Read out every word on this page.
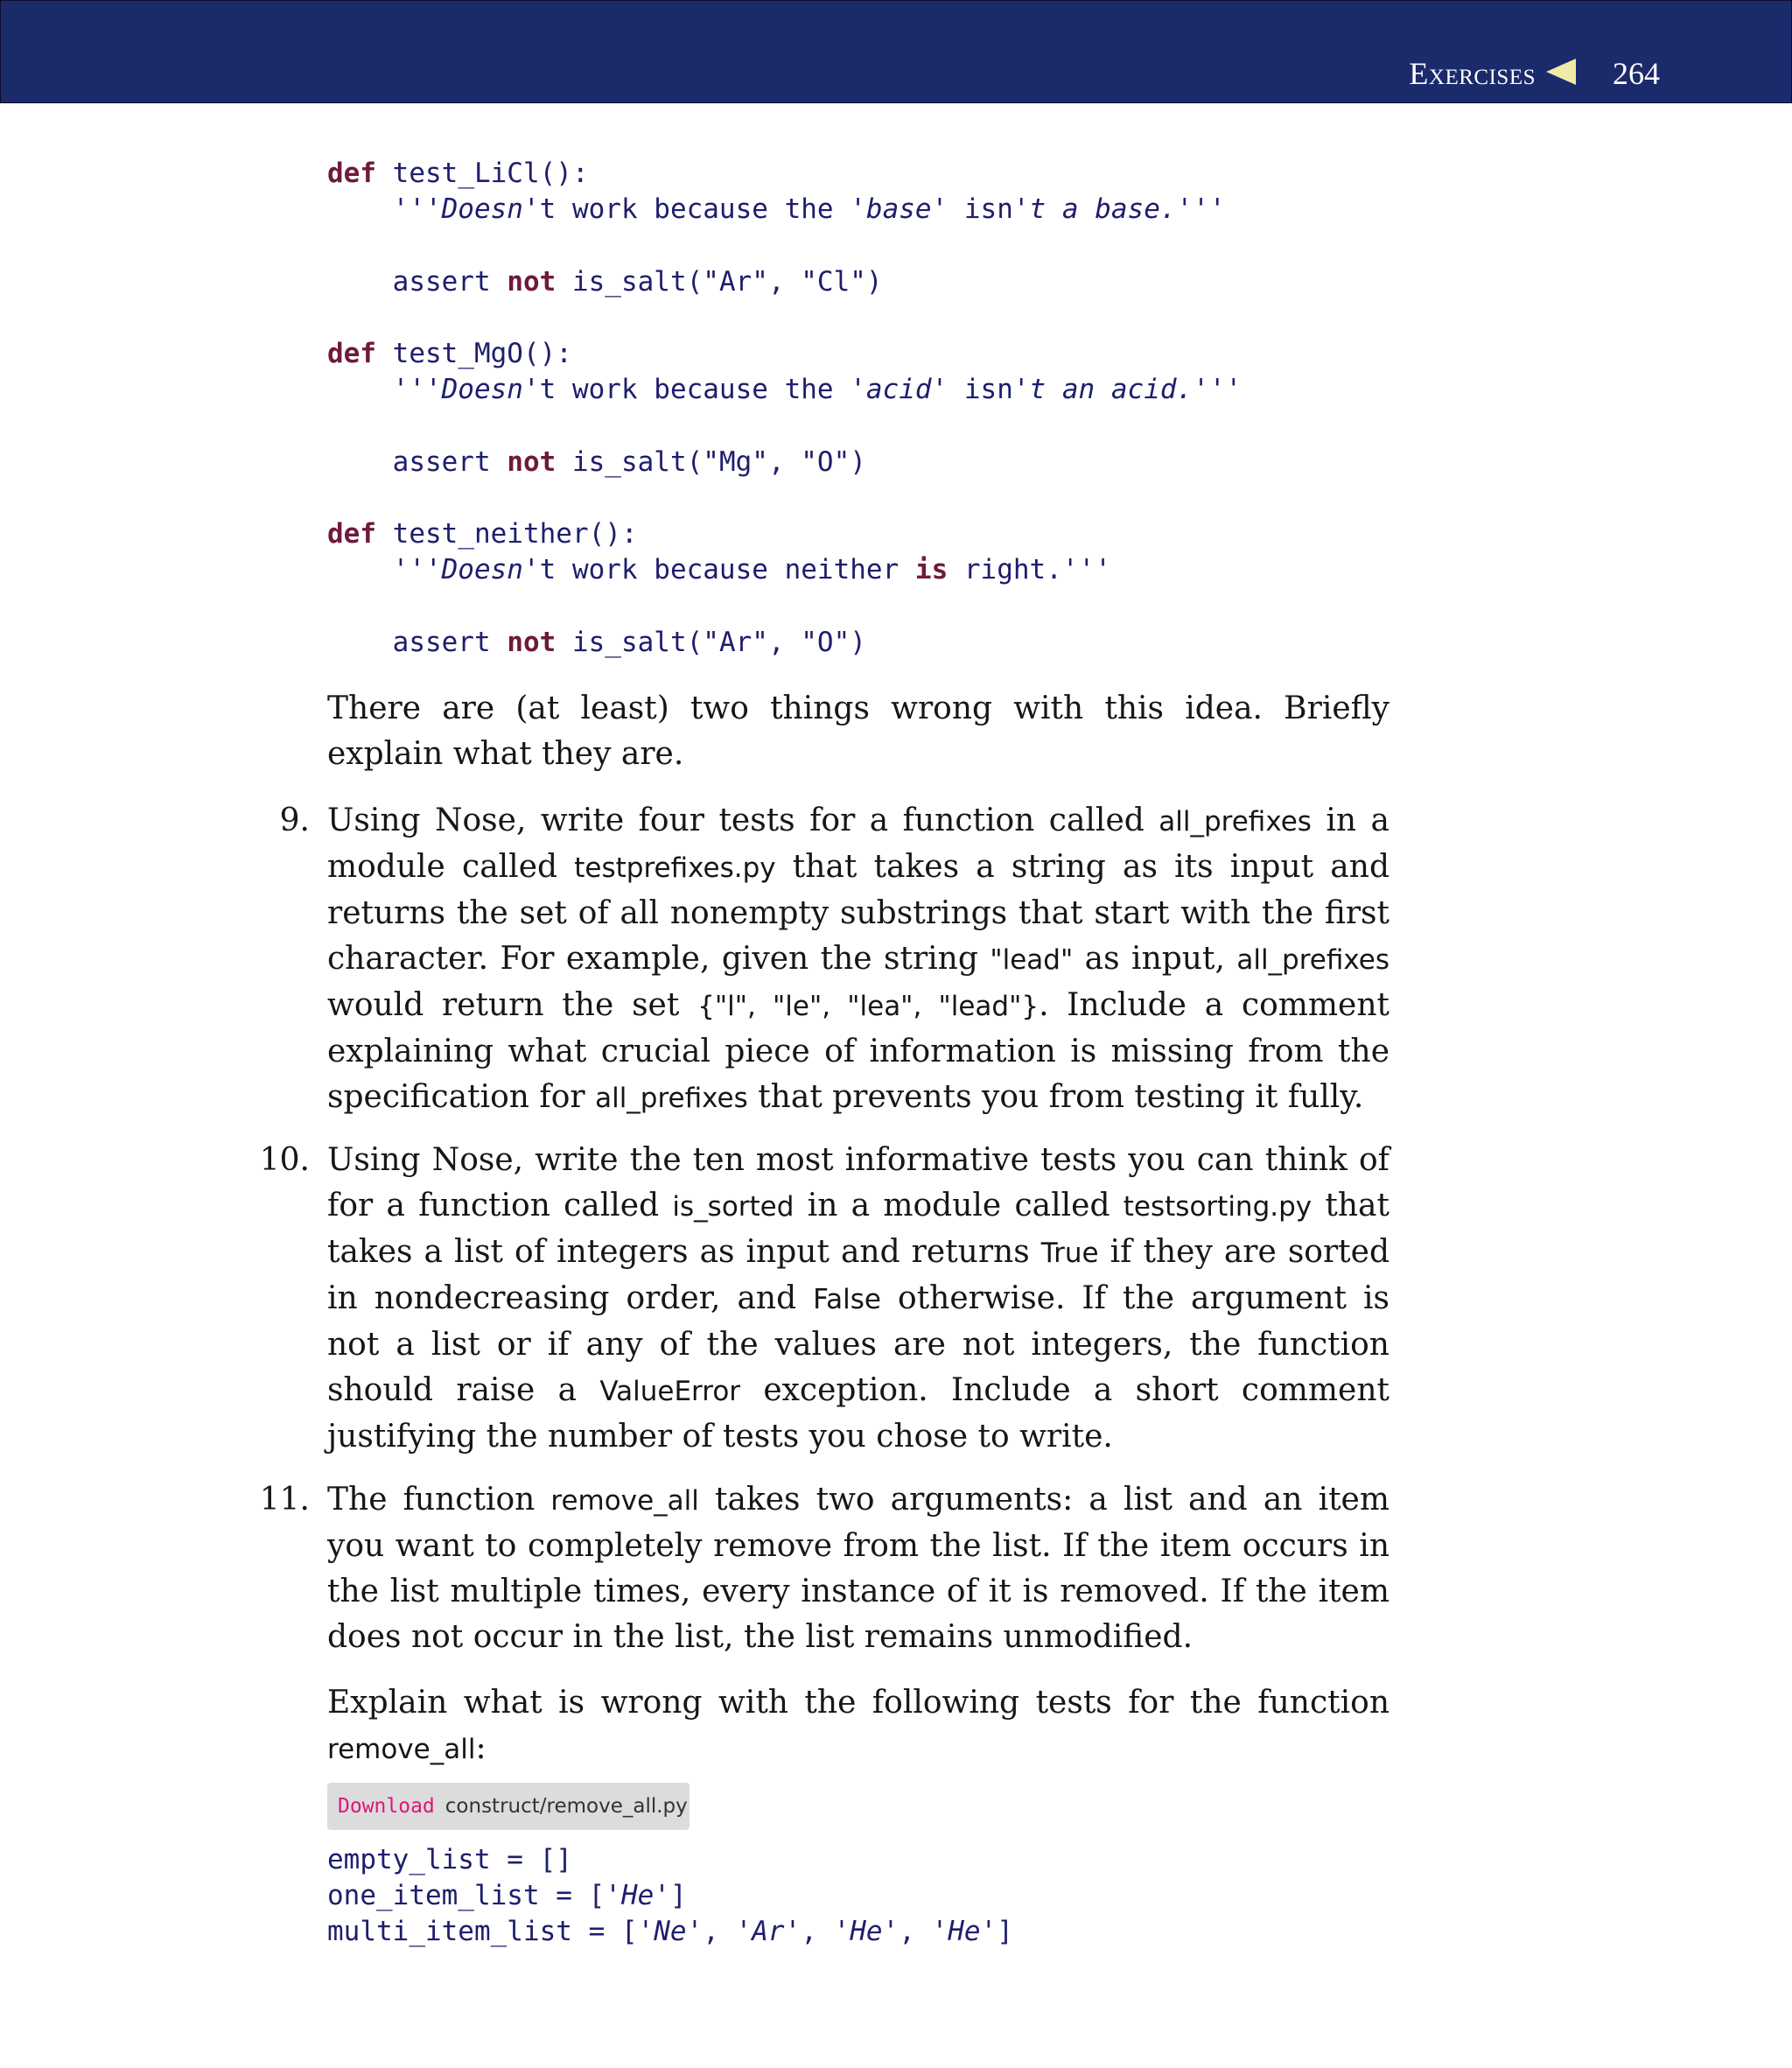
Exercises 264
def test_LiCl():
'''Doesn't work because the 'base' isn't a base.'''

assert not is_salt("Ar", "Cl")

def test_MgO():
'''Doesn't work because the 'acid' isn't an acid.'''

assert not is_salt("Mg", "O")

def test_neither():
'''Doesn't work because neither is right.'''

assert not is_salt("Ar", "O")

There are (at least) two things wrong with this idea. Briefly explain what they are.

9. Using Nose, write four tests for a function called all_prefixes in a module called testprefixes.py that takes a string as its input and returns the set of all nonempty substrings that start with the first character. For example, given the string "lead" as input, all_prefixes would return the set {"l", "le", "lea", "lead"}. Include a comment explaining what crucial piece of information is missing from the specification for all_prefixes that prevents you from testing it fully.

10. Using Nose, write the ten most informative tests you can think of for a function called is_sorted in a module called testsorting.py that takes a list of integers as input and returns True if they are sorted in nondecreasing order, and False otherwise. If the argument is not a list or if any of the values are not integers, the function should raise a ValueError exception. Include a short comment justifying the number of tests you chose to write.

11. The function remove_all takes two arguments: a list and an item you want to completely remove from the list. If the item occurs in the list multiple times, every instance of it is removed. If the item does not occur in the list, the list remains unmodified.

Explain what is wrong with the following tests for the function remove_all:

Download construct/remove_all.py
empty_list = []
one_item_list = ['He']
multi_item_list = ['Ne', 'Ar', 'He', 'He']
